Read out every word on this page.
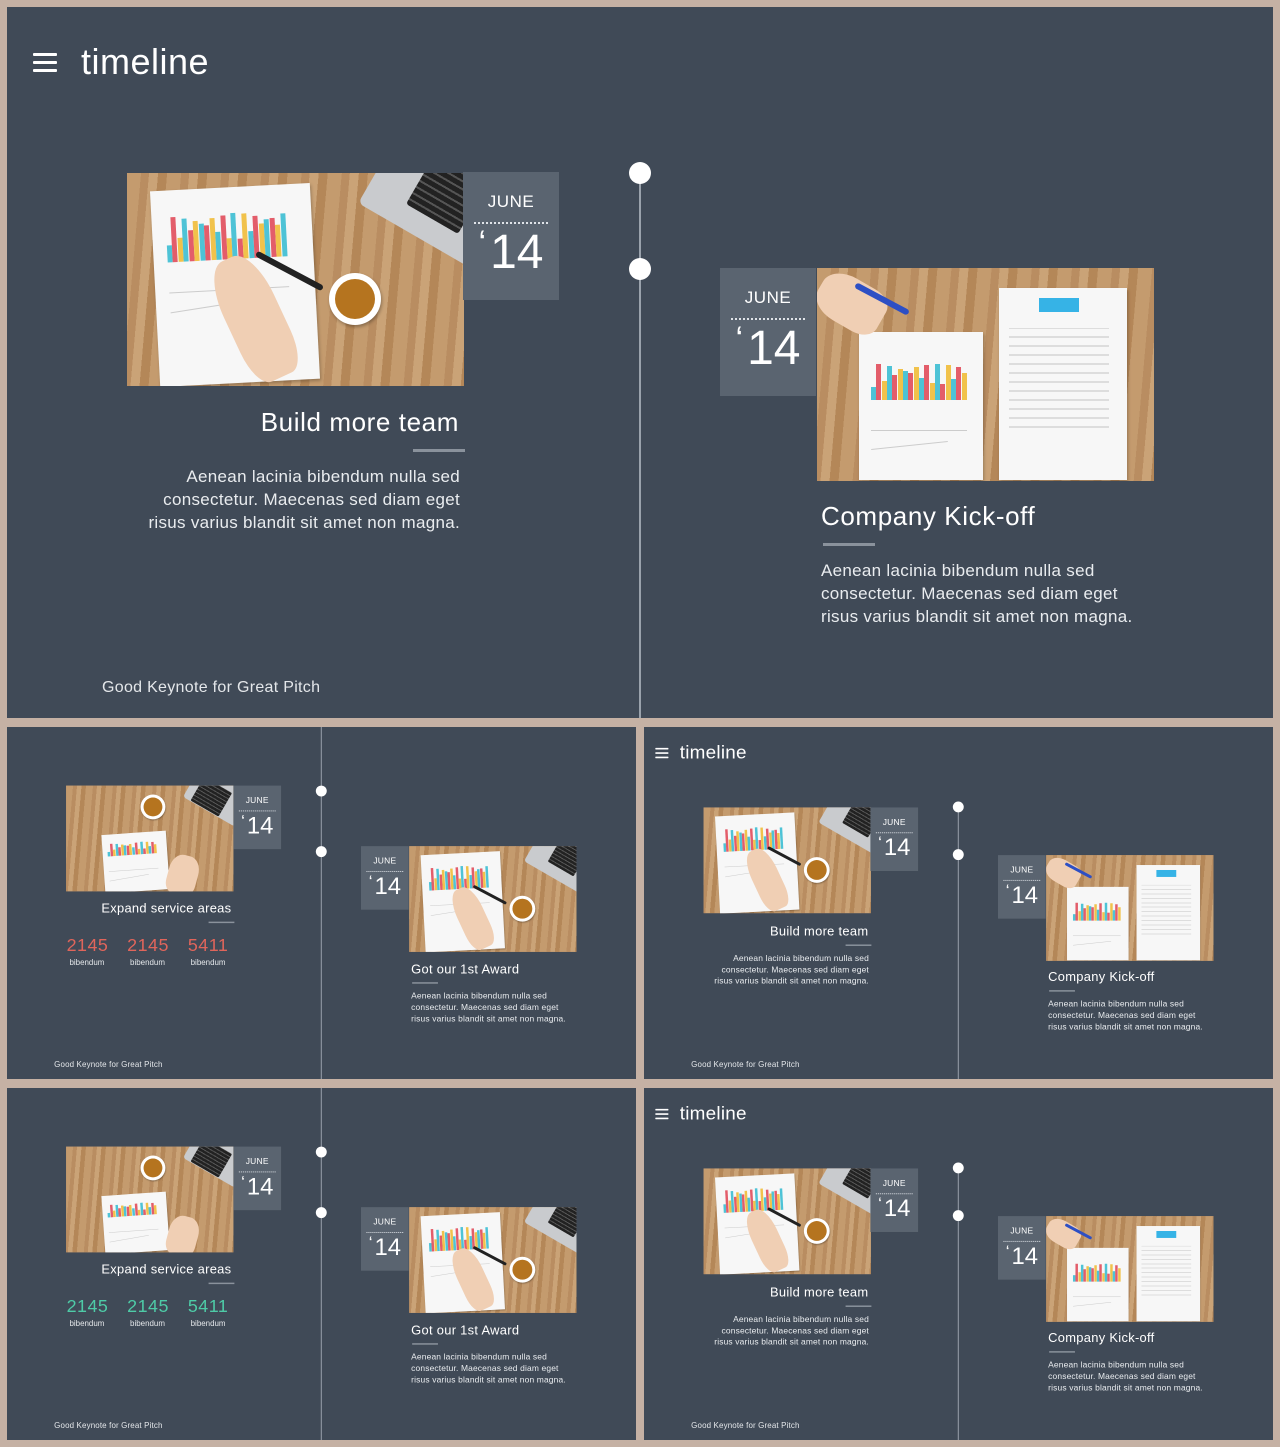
timeline
JUNE
‘14
Build more team
Aenean lacinia bibendum nulla sed consectetur. Maecenas sed diam eget risus varius blandit sit amet non magna.
JUNE
‘14
Company Kick-off
Aenean lacinia bibendum nulla sed consectetur. Maecenas sed diam eget risus varius blandit sit amet non magna.
Good Keynote for Great Pitch
JUNE
‘14
Expand service areas
2145
bibendum
2145
bibendum
5411
bibendum
JUNE
‘14
Got our 1st Award
Aenean lacinia bibendum nulla sed consectetur. Maecenas sed diam eget risus varius blandit sit amet non magna.
Good Keynote for Great Pitch
timeline
JUNE
‘14
Build more team
Aenean lacinia bibendum nulla sed consectetur. Maecenas sed diam eget risus varius blandit sit amet non magna.
JUNE
‘14
Company Kick-off
Aenean lacinia bibendum nulla sed consectetur. Maecenas sed diam eget risus varius blandit sit amet non magna.
Good Keynote for Great Pitch
JUNE
‘14
Expand service areas
2145
bibendum
2145
bibendum
5411
bibendum
JUNE
‘14
Got our 1st Award
Aenean lacinia bibendum nulla sed consectetur. Maecenas sed diam eget risus varius blandit sit amet non magna.
Good Keynote for Great Pitch
timeline
JUNE
‘14
Build more team
Aenean lacinia bibendum nulla sed consectetur. Maecenas sed diam eget risus varius blandit sit amet non magna.
JUNE
‘14
Company Kick-off
Aenean lacinia bibendum nulla sed consectetur. Maecenas sed diam eget risus varius blandit sit amet non magna.
Good Keynote for Great Pitch
